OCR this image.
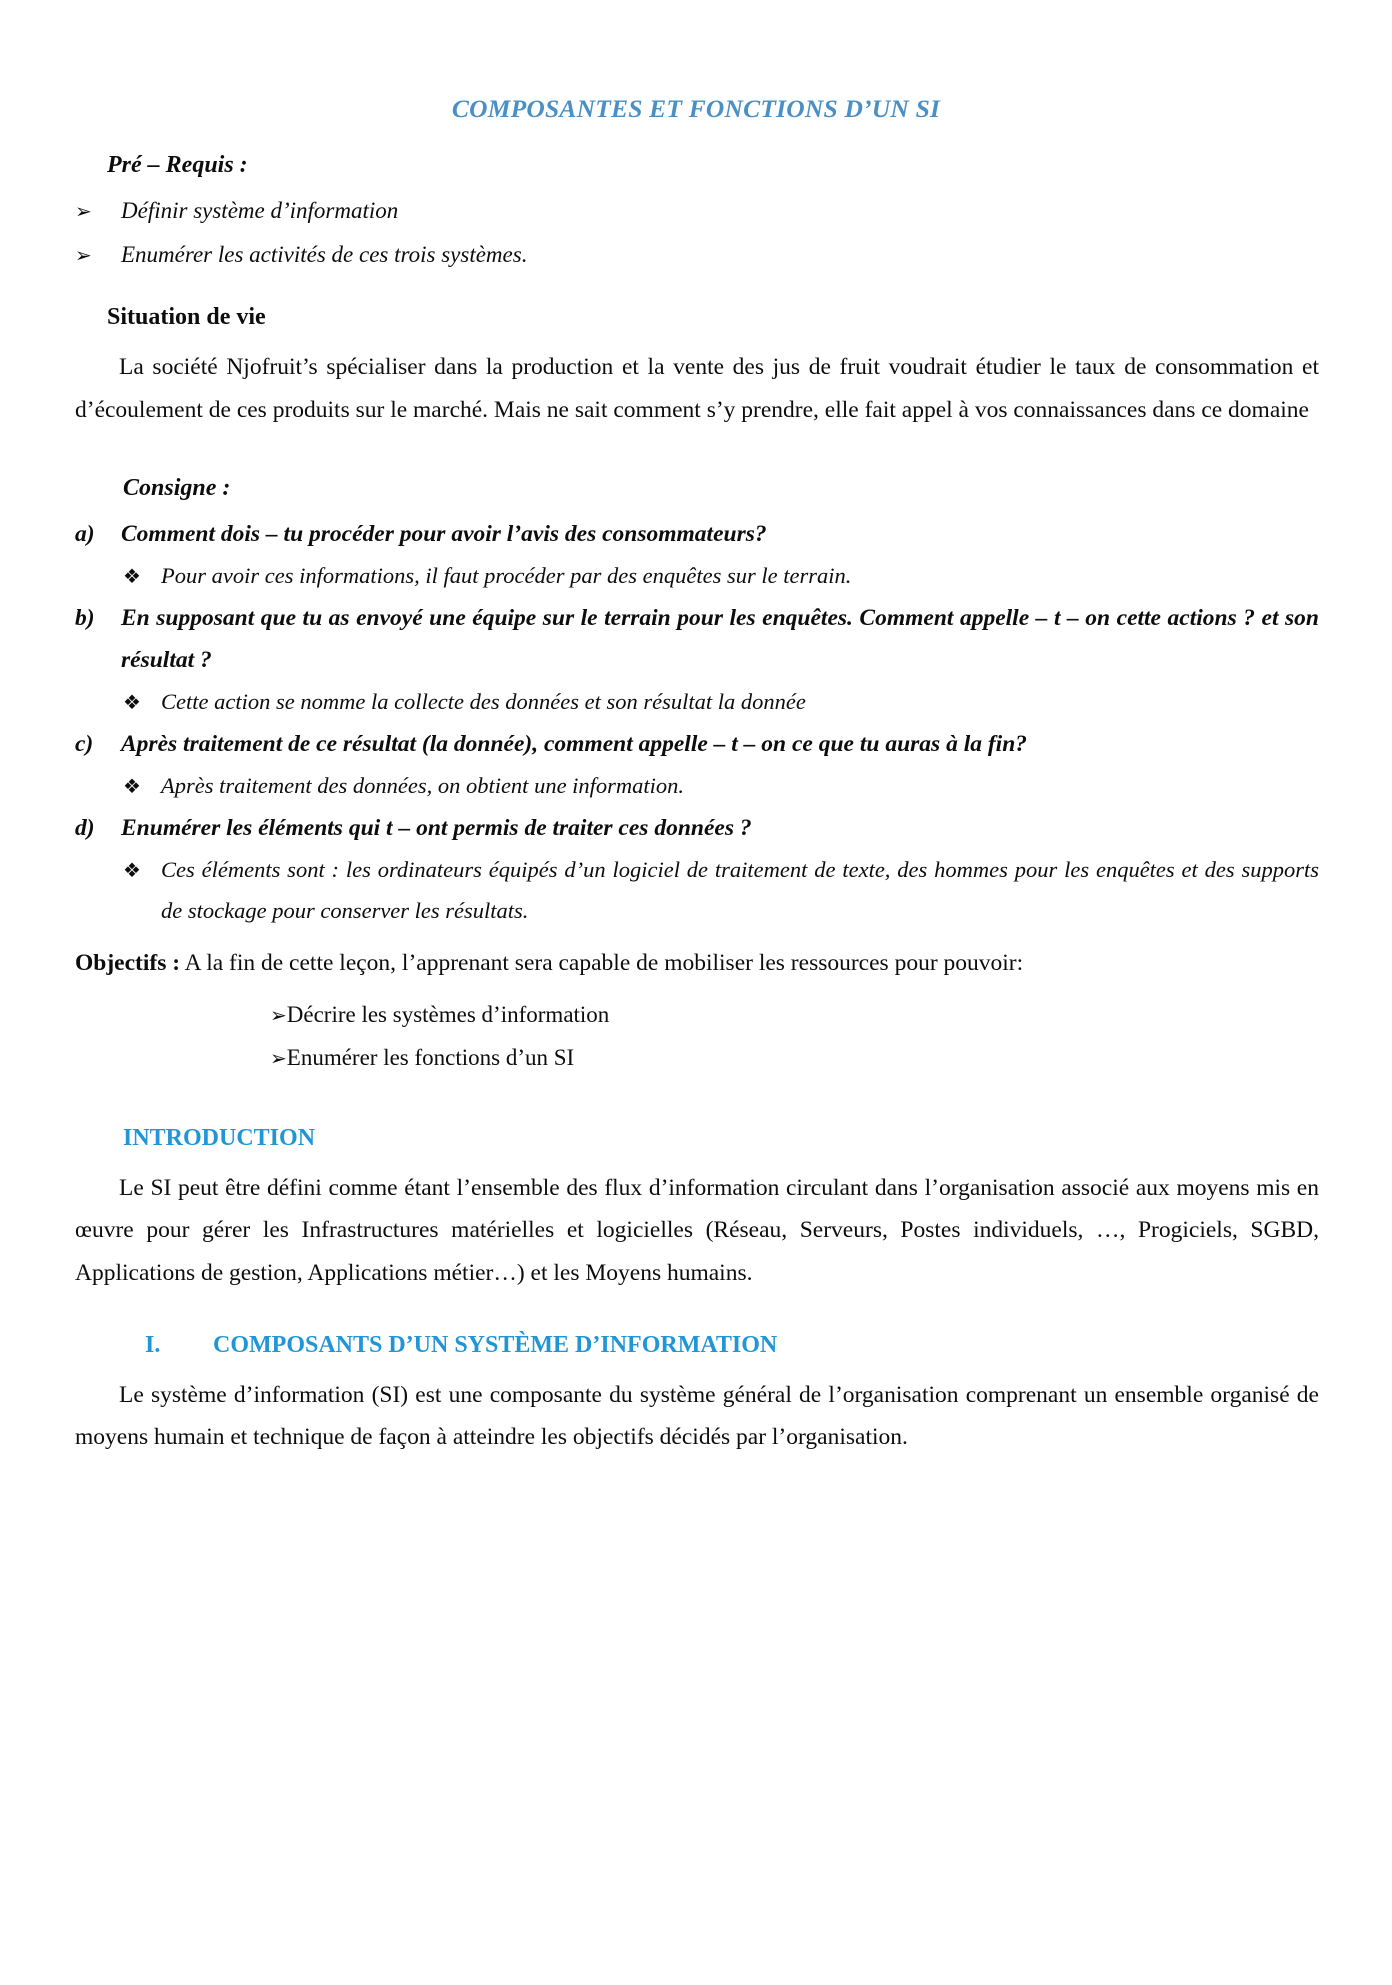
COMPOSANTES ET FONCTIONS D’UN SI

Pré – Requis :

➢	Définir système d’information
➢	Enumérer les activités de ces trois systèmes.

Situation de vie

La société Njofruit’s spécialiser dans la production et la vente des jus de fruit voudrait étudier le taux de consommation et d’écoulement de ces produits sur le marché. Mais ne sait comment s’y prendre, elle fait appel à vos connaissances dans ce domaine

Consigne :

a)	Comment dois – tu procéder pour avoir l’avis des consommateurs?
❖ Pour avoir ces informations, il faut procéder par des enquêtes sur le terrain.
b)	En supposant que tu as envoyé une équipe sur le terrain pour les enquêtes. Comment appelle – t – on cette actions ? et son résultat ?
❖ Cette action se nomme la collecte des données et son résultat la donnée
c)	Après traitement de ce résultat (la donnée), comment appelle – t – on ce que tu auras à la fin?
❖ Après traitement des données, on obtient une information.
d)	Enumérer les éléments qui t – ont permis de traiter ces données ?
❖ Ces éléments sont : les ordinateurs équipés d’un logiciel de traitement de texte, des hommes pour les enquêtes et des supports de stockage pour conserver les résultats.

Objectifs : A la fin de cette leçon, l’apprenant sera capable de mobiliser les ressources pour pouvoir:

➢Décrire les systèmes d’information
➢Enumérer les fonctions d’un SI

INTRODUCTION

Le SI peut être défini comme étant l’ensemble des flux d’information circulant dans l’organisation associé aux moyens mis en œuvre pour gérer les Infrastructures matérielles et logicielles (Réseau, Serveurs, Postes individuels, …, Progiciels, SGBD, Applications de gestion, Applications métier…) et les Moyens humains.

I.	COMPOSANTS D’UN SYSTÈME D’INFORMATION

Le système d’information (SI) est une composante du système général de l’organisation comprenant un ensemble organisé de moyens humain et technique de façon à atteindre les objectifs décidés par l’organisation.
